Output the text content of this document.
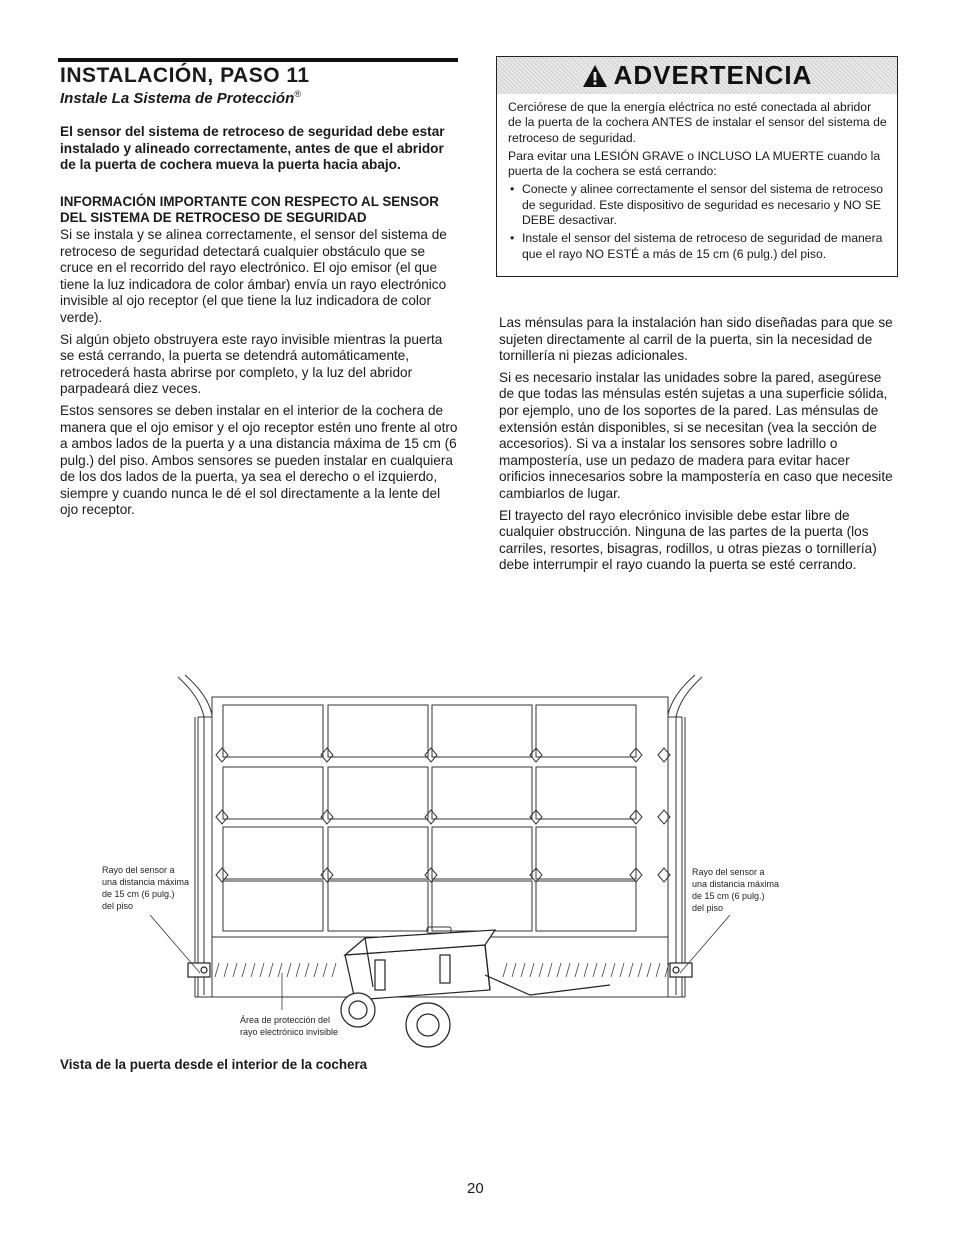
INSTALACIÓN, PASO 11
Instale La Sistema de Protección®

El sensor del sistema de retroceso de seguridad debe estar instalado y alineado correctamente, antes de que el abridor de la puerta de cochera mueva la puerta hacia abajo.

INFORMACIÓN IMPORTANTE CON RESPECTO AL SENSOR DEL SISTEMA DE RETROCESO DE SEGURIDAD

Si se instala y se alinea correctamente, el sensor del sistema de retroceso de seguridad detectará cualquier obstáculo que se cruce en el recorrido del rayo electrónico. El ojo emisor (el que tiene la luz indicadora de color ámbar) envía un rayo electrónico invisible al ojo receptor (el que tiene la luz indicadora de color verde).

Si algún objeto obstruyera este rayo invisible mientras la puerta se está cerrando, la puerta se detendrá automáticamente, retrocederá hasta abrirse por completo, y la luz del abridor parpadeará diez veces.

Estos sensores se deben instalar en el interior de la cochera de manera que el ojo emisor y el ojo receptor estén uno frente al otro a ambos lados de la puerta y a una distancia máxima de 15 cm (6 pulg.) del piso. Ambos sensores se pueden instalar en cualquiera de los dos lados de la puerta, ya sea el derecho o el izquierdo,

siempre y cuando nunca le dé el sol directamente a la lente del ojo receptor.

ADVERTENCIA

Cerciórese de que la energía eléctrica no esté conectada al abridor de la puerta de la cochera ANTES de instalar el sensor del sistema de retroceso de seguridad.

Para evitar una LESIÓN GRAVE o INCLUSO LA MUERTE cuando la puerta de la cochera se está cerrando:

• Conecte y alinee correctamente el sensor del sistema de retroceso de seguridad. Este dispositivo de seguridad es necesario y NO SE DEBE desactivar.
• Instale el sensor del sistema de retroceso de seguridad de manera que el rayo NO ESTÉ a más de 15 cm (6 pulg.) del piso.

Las ménsulas para la instalación han sido diseñadas para que se sujeten directamente al carril de la puerta, sin la necesidad de tornillería ni piezas adicionales.

Si es necesario instalar las unidades sobre la pared, asegúrese de que todas las ménsulas estén sujetas a una superficie sólida, por ejemplo, uno de los soportes de la pared. Las ménsulas de extensión están disponibles, si se necesitan (vea la sección de accesorios). Si va a instalar los sensores sobre ladrillo o mampostería, use un pedazo de madera para evitar hacer orificios innecesarios sobre la mampostería en caso que necesite cambiarlos de lugar.

El trayecto del rayo elecrónico invisible debe estar libre de cualquier obstrucción. Ninguna de las partes de la puerta (los carriles, resortes, bisagras, rodillos, u otras piezas o tornillería) debe interrumpir el rayo cuando la puerta se esté cerrando.

Rayo del sensor a
una distancia máxima
de 15 cm (6 pulg.)
del piso
Rayo del sensor a
una distancia máxima
de 15 cm (6 pulg.)
del piso
Área de protección del
rayo electrónico invisible

Vista de la puerta desde el interior de la cochera

20
